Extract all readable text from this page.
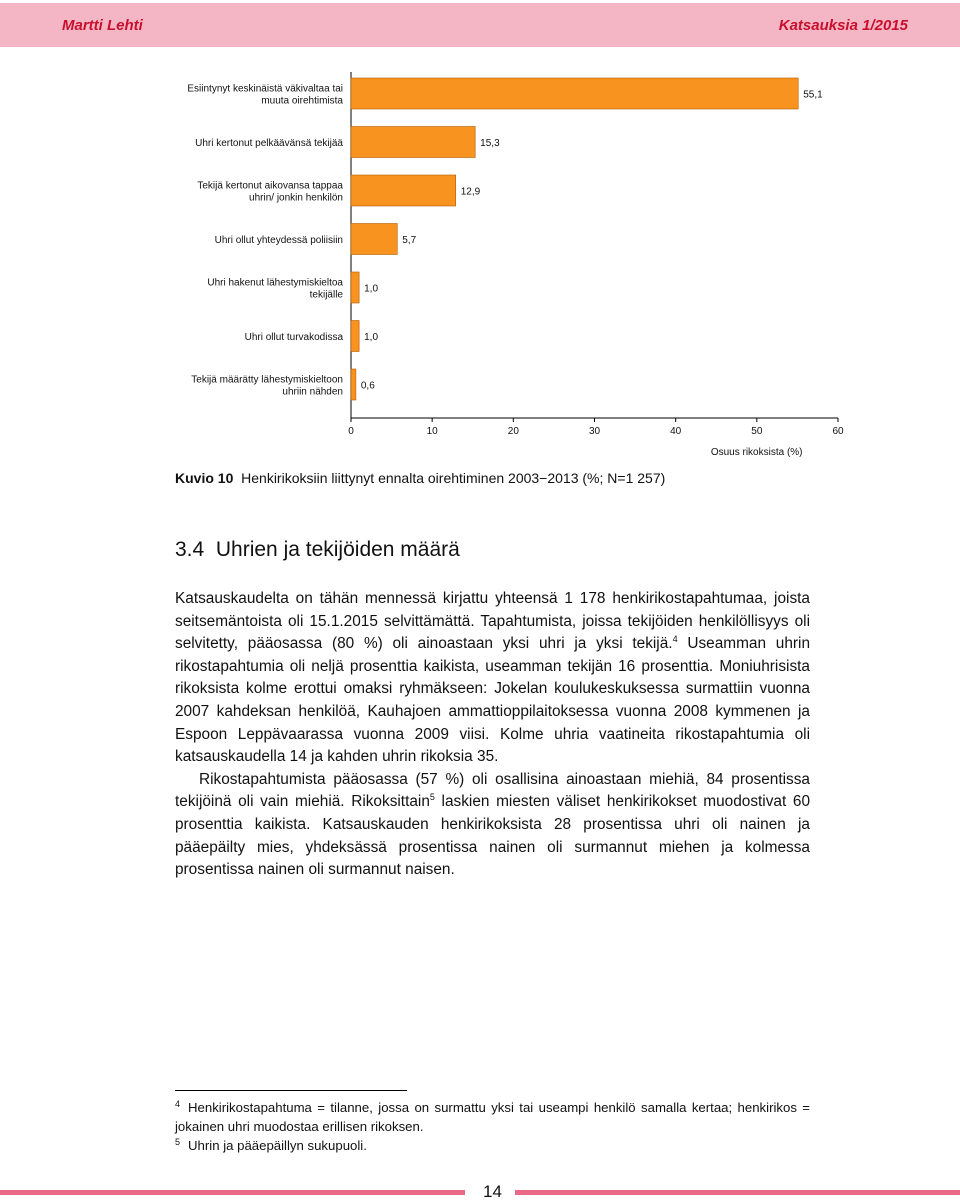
Martti Lehti	Katsauksia 1/2015
0	10	20	30	40	50	60
Osuus rikoksista (%)
55,1
Esiintynyt keskinäistä väkivaltaa tai
muuta oirehtimista
15,3
Uhri kertonut pelkäävänsä tekijää
12,9
Tekijä kertonut aikovansa tappaa
uhrin/ jonkin henkilön
5,7
Uhri ollut yhteydessä poliisiin
1,0
Uhri hakenut lähestymiskieltoa
tekijälle
1,0
Uhri ollut turvakodissa
0,6
Tekijä määrätty lähestymiskieltoon
uhriin nähden
Kuvio 10 Henkirikoksiin liittynyt ennalta oirehtiminen 2003−2013 (%; N=1 257)
3.4 Uhrien ja tekijöiden määrä

Katsauskaudelta on tähän mennessä kirjattu yhteensä 1 178 henkirikostapahtumaa, joista seitsemäntoista oli 15.1.2015 selvittämättä. Tapahtumista, joissa tekijöiden henkilöllisyys oli selvitetty, pääosassa (80 %) oli ainoastaan yksi uhri ja yksi tekijä.$^4$ Useamman uhrin rikostapahtumia oli neljä prosenttia kaikista, useamman tekijän 16 prosenttia. Moniuhrisista rikoksista kolme erottui omaksi ryhmäkseen: Jokelan koulukeskuksessa surmattiin vuonna 2007 kahdeksan henkilöä, Kauhajoen ammattioppilaitoksessa vuonna 2008 kymmenen ja Espoon Leppävaarassa vuonna 2009 viisi. Kolme uhria vaatineita rikostapahtumia oli katsauskaudella 14 ja kahden uhrin rikoksia 35.

Rikostapahtumista pääosassa (57 %) oli osallisina ainoastaan miehiä, 84 prosentissa tekijöinä oli vain miehiä. Rikoksittain$^5$ laskien miesten väliset henkirikokset muodostivat 60 prosenttia kaikista. Katsauskauden henkirikoksista 28 prosentissa uhri oli nainen ja pääepäilty mies, yhdeksässä prosentissa nainen oli surmannut miehen ja kolmessa prosentissa nainen oli surmannut naisen.

$^4$ Henkirikostapahtuma = tilanne, jossa on surmattu yksi tai useampi henkilö samalla kertaa; henkirikos = jokainen uhri muodostaa erillisen rikoksen.

$^5$ Uhrin ja pääepäillyn sukupuoli.

14
